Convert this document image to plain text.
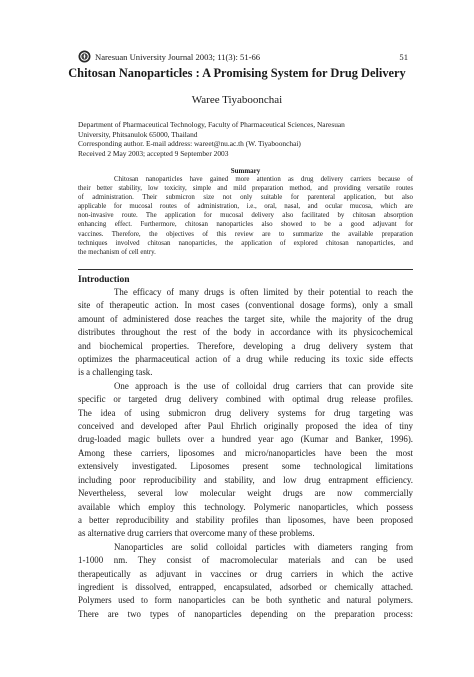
Naresuan University Journal 2003; 11(3): 51-66	51
Chitosan Nanoparticles : A Promising System for Drug Delivery
Waree Tiyaboonchai
Department of Pharmaceutical Technology, Faculty of Pharmaceutical Sciences, Naresuan
University, Phitsanulok 65000, Thailand
Corresponding author. E-mail address: wareet@nu.ac.th (W. Tiyaboonchai)
Received 2 May 2003; accepted 9 September 2003
Summary
Chitosan nanoparticles have gained more attention as drug delivery carriers because of
their better stability, low toxicity, simple and mild preparation method, and providing versatile routes
of administration. Their submicron size not only suitable for parenteral application, but also
applicable for mucosal routes of administration, i.e., oral, nasal, and ocular mucosa, which are
non-invasive route. The application for mucosal delivery also facilitated by chitosan absorption
enhancing effect. Furthermore, chitosan nanoparticles also showed to be a good adjuvant for
vaccines. Therefore, the objectives of this review are to summarize the available preparation
techniques involved chitosan nanoparticles, the application of explored chitosan nanoparticles, and
the mechanism of cell entry.
Introduction
The efficacy of many drugs is often limited by their potential to reach the
site of therapeutic action. In most cases (conventional dosage forms), only a small
amount of administered dose reaches the target site, while the majority of the drug
distributes throughout the rest of the body in accordance with its physicochemical
and biochemical properties. Therefore, developing a drug delivery system that
optimizes the pharmaceutical action of a drug while reducing its toxic side effects
is a challenging task.
One approach is the use of colloidal drug carriers that can provide site
specific or targeted drug delivery combined with optimal drug release profiles.
The idea of using submicron drug delivery systems for drug targeting was
conceived and developed after Paul Ehrlich originally proposed the idea of tiny
drug-loaded magic bullets over a hundred year ago (Kumar and Banker, 1996).
Among these carriers, liposomes and micro/nanoparticles have been the most
extensively investigated. Liposomes present some technological limitations
including poor reproducibility and stability, and low drug entrapment efficiency.
Nevertheless, several low molecular weight drugs are now commercially
available which employ this technology. Polymeric nanoparticles, which possess
a better reproducibility and stability profiles than liposomes, have been proposed
as alternative drug carriers that overcome many of these problems.
Nanoparticles are solid colloidal particles with diameters ranging from
1-1000 nm. They consist of macromolecular materials and can be used
therapeutically as adjuvant in vaccines or drug carriers in which the active
ingredient is dissolved, entrapped, encapsulated, adsorbed or chemically attached.
Polymers used to form nanoparticles can be both synthetic and natural polymers.
There are two types of nanoparticles depending on the preparation process:
